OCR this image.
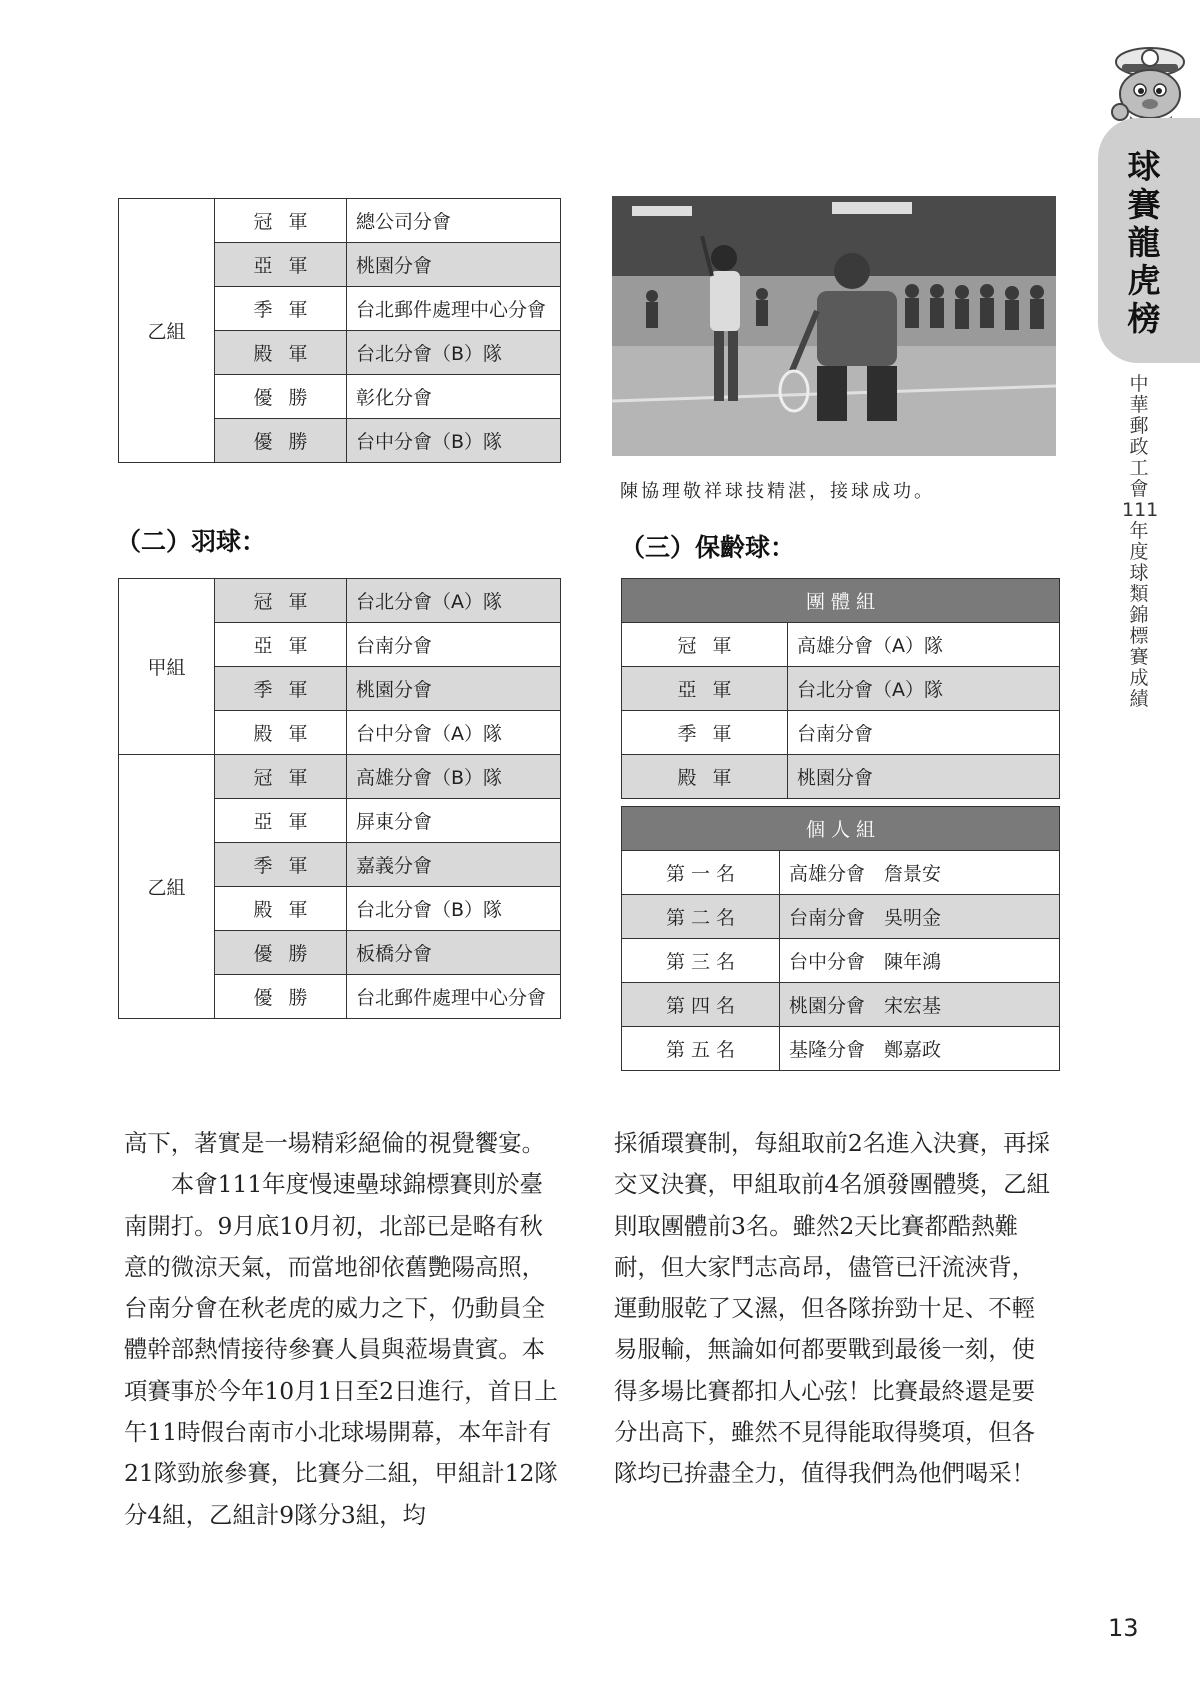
球
賽
龍
虎
榜
中
華
郵
政
工
會
111
年
度
球
類
錦
標
賽
成
績
乙組	冠軍	總公司分會
	亞軍	桃園分會
	季軍	台北郵件處理中心分會
	殿軍	台北分會（B）隊
	優勝	彰化分會
	優勝	台中分會（B）隊
陳協理敬祥球技精湛，接球成功。
（二）羽球：
甲組	冠軍	台北分會（A）隊
	亞軍	台南分會
	季軍	桃園分會
	殿軍	台中分會（A）隊
乙組	冠軍	高雄分會（B）隊
	亞軍	屏東分會
	季軍	嘉義分會
	殿軍	台北分會（B）隊
	優勝	板橋分會
	優勝	台北郵件處理中心分會
（三）保齡球：
團體組	
冠軍	高雄分會（A）隊
亞軍	台北分會（A）隊
季軍	台南分會
殿軍	桃園分會
個人組	
第一名	高雄分會　詹景安
第二名	台南分會　吳明金
第三名	台中分會　陳年鴻
第四名	桃園分會　宋宏基
第五名	基隆分會　鄭嘉政

高下，著實是一場精彩絕倫的視覺饗宴。

本會111年度慢速壘球錦標賽則於臺南開打。9月底10月初，北部已是略有秋意的微涼天氣，而當地卻依舊艷陽高照，台南分會在秋老虎的威力之下，仍動員全體幹部熱情接待參賽人員與蒞場貴賓。本項賽事於今年10月1日至2日進行，首日上午11時假台南市小北球場開幕，本年計有21隊勁旅參賽，比賽分二組，甲組計12隊分4組，乙組計9隊分3組，均

採循環賽制，每組取前2名進入決賽，再採交叉決賽，甲組取前4名頒發團體獎，乙組則取團體前3名。雖然2天比賽都酷熱難耐，但大家鬥志高昂，儘管已汗流浹背，運動服乾了又濕，但各隊拚勁十足、不輕易服輸，無論如何都要戰到最後一刻，使得多場比賽都扣人心弦！比賽最終還是要分出高下，雖然不見得能取得獎項，但各隊均已拚盡全力，值得我們為他們喝采！

13
